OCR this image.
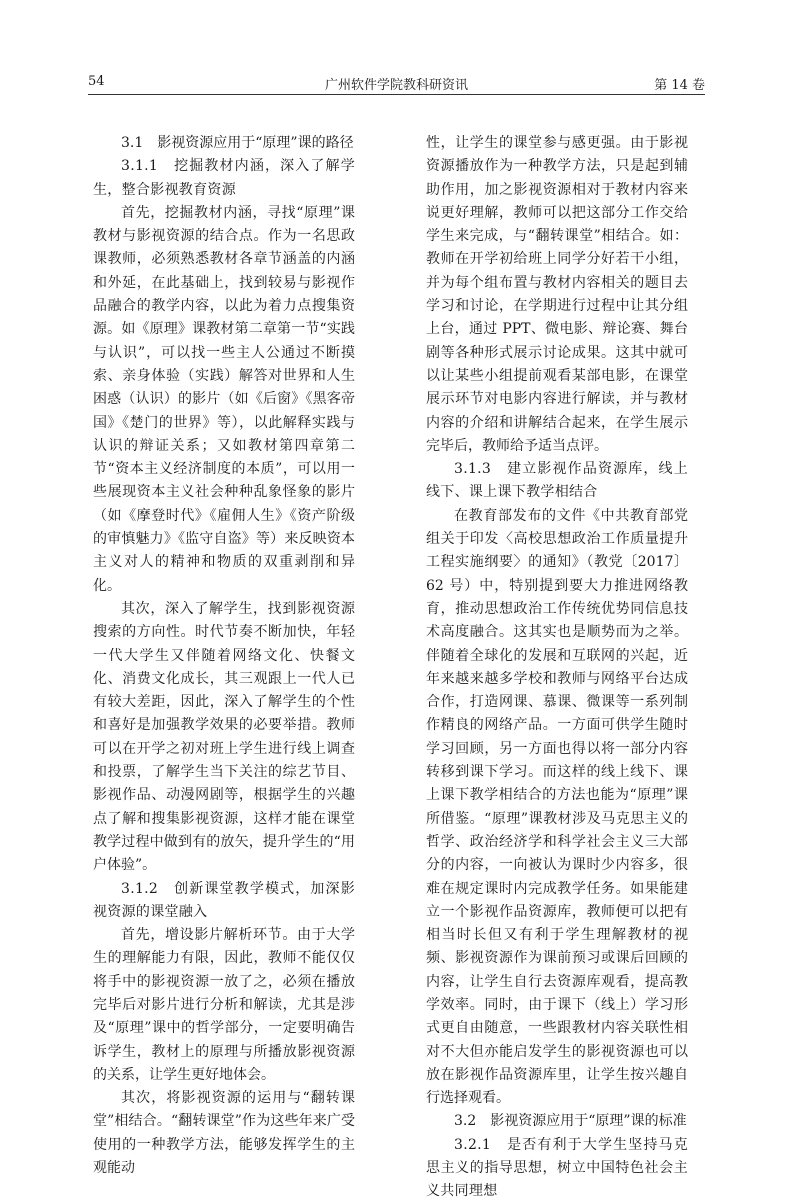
54	广州软件学院教科研资讯	第 14 卷

3.1　影视资源应用于“原理”课的路径

3.1.1　挖掘教材内涵，深入了解学生，整合影视教育资源

首先，挖掘教材内涵，寻找“原理”课教材与影视资源的结合点。作为一名思政课教师，必须熟悉教材各章节涵盖的内涵和外延，在此基础上，找到较易与影视作品融合的教学内容，以此为着力点搜集资源。如《原理》课教材第二章第一节“实践与认识”，可以找一些主人公通过不断摸索、亲身体验（实践）解答对世界和人生困惑（认识）的影片（如《后窗》《黑客帝国》《楚门的世界》等），以此解释实践与认识的辩证关系；又如教材第四章第二节“资本主义经济制度的本质”，可以用一些展现资本主义社会种种乱象怪象的影片（如《摩登时代》《雇佣人生》《资产阶级的审慎魅力》《监守自盗》等）来反映资本主义对人的精神和物质的双重剥削和异化。

其次，深入了解学生，找到影视资源搜索的方向性。时代节奏不断加快，年轻一代大学生又伴随着网络文化、快餐文化、消费文化成长，其三观跟上一代人已有较大差距，因此，深入了解学生的个性和喜好是加强教学效果的必要举措。教师可以在开学之初对班上学生进行线上调查和投票，了解学生当下关注的综艺节目、影视作品、动漫网剧等，根据学生的兴趣点了解和搜集影视资源，这样才能在课堂教学过程中做到有的放矢，提升学生的“用户体验”。

3.1.2　创新课堂教学模式，加深影视资源的课堂融入

首先，增设影片解析环节。由于大学生的理解能力有限，因此，教师不能仅仅将手中的影视资源一放了之，必须在播放完毕后对影片进行分析和解读，尤其是涉及“原理”课中的哲学部分，一定要明确告诉学生，教材上的原理与所播放影视资源的关系，让学生更好地体会。

其次，将影视资源的运用与“翻转课堂”相结合。“翻转课堂”作为这些年来广受使用的一种教学方法，能够发挥学生的主观能动

性，让学生的课堂参与感更强。由于影视资源播放作为一种教学方法，只是起到辅助作用，加之影视资源相对于教材内容来说更好理解，教师可以把这部分工作交给学生来完成，与“翻转课堂”相结合。如：教师在开学初给班上同学分好若干小组，并为每个组布置与教材内容相关的题目去学习和讨论，在学期进行过程中让其分组上台，通过 PPT、微电影、辩论赛、舞台剧等各种形式展示讨论成果。这其中就可以让某些小组提前观看某部电影，在课堂展示环节对电影内容进行解读，并与教材内容的介绍和讲解结合起来，在学生展示完毕后，教师给予适当点评。

3.1.3　建立影视作品资源库，线上线下、课上课下教学相结合

在教育部发布的文件《中共教育部党组关于印发〈高校思想政治工作质量提升工程实施纲要〉的通知》（教党〔2017〕62 号）中，特别提到要大力推进网络教育，推动思想政治工作传统优势同信息技术高度融合。这其实也是顺势而为之举。伴随着全球化的发展和互联网的兴起，近年来越来越多学校和教师与网络平台达成合作，打造网课、慕课、微课等一系列制作精良的网络产品。一方面可供学生随时学习回顾，另一方面也得以将一部分内容转移到课下学习。而这样的线上线下、课上课下教学相结合的方法也能为“原理”课所借鉴。“原理”课教材涉及马克思主义的哲学、政治经济学和科学社会主义三大部分的内容，一向被认为课时少内容多，很难在规定课时内完成教学任务。如果能建立一个影视作品资源库，教师便可以把有相当时长但又有利于学生理解教材的视频、影视资源作为课前预习或课后回顾的内容，让学生自行去资源库观看，提高教学效率。同时，由于课下（线上）学习形式更自由随意，一些跟教材内容关联性相对不大但亦能启发学生的影视资源也可以放在影视作品资源库里，让学生按兴趣自行选择观看。

3.2　影视资源应用于“原理”课的标准

3.2.1　是否有利于大学生坚持马克思主义的指导思想，树立中国特色社会主义共同理想
